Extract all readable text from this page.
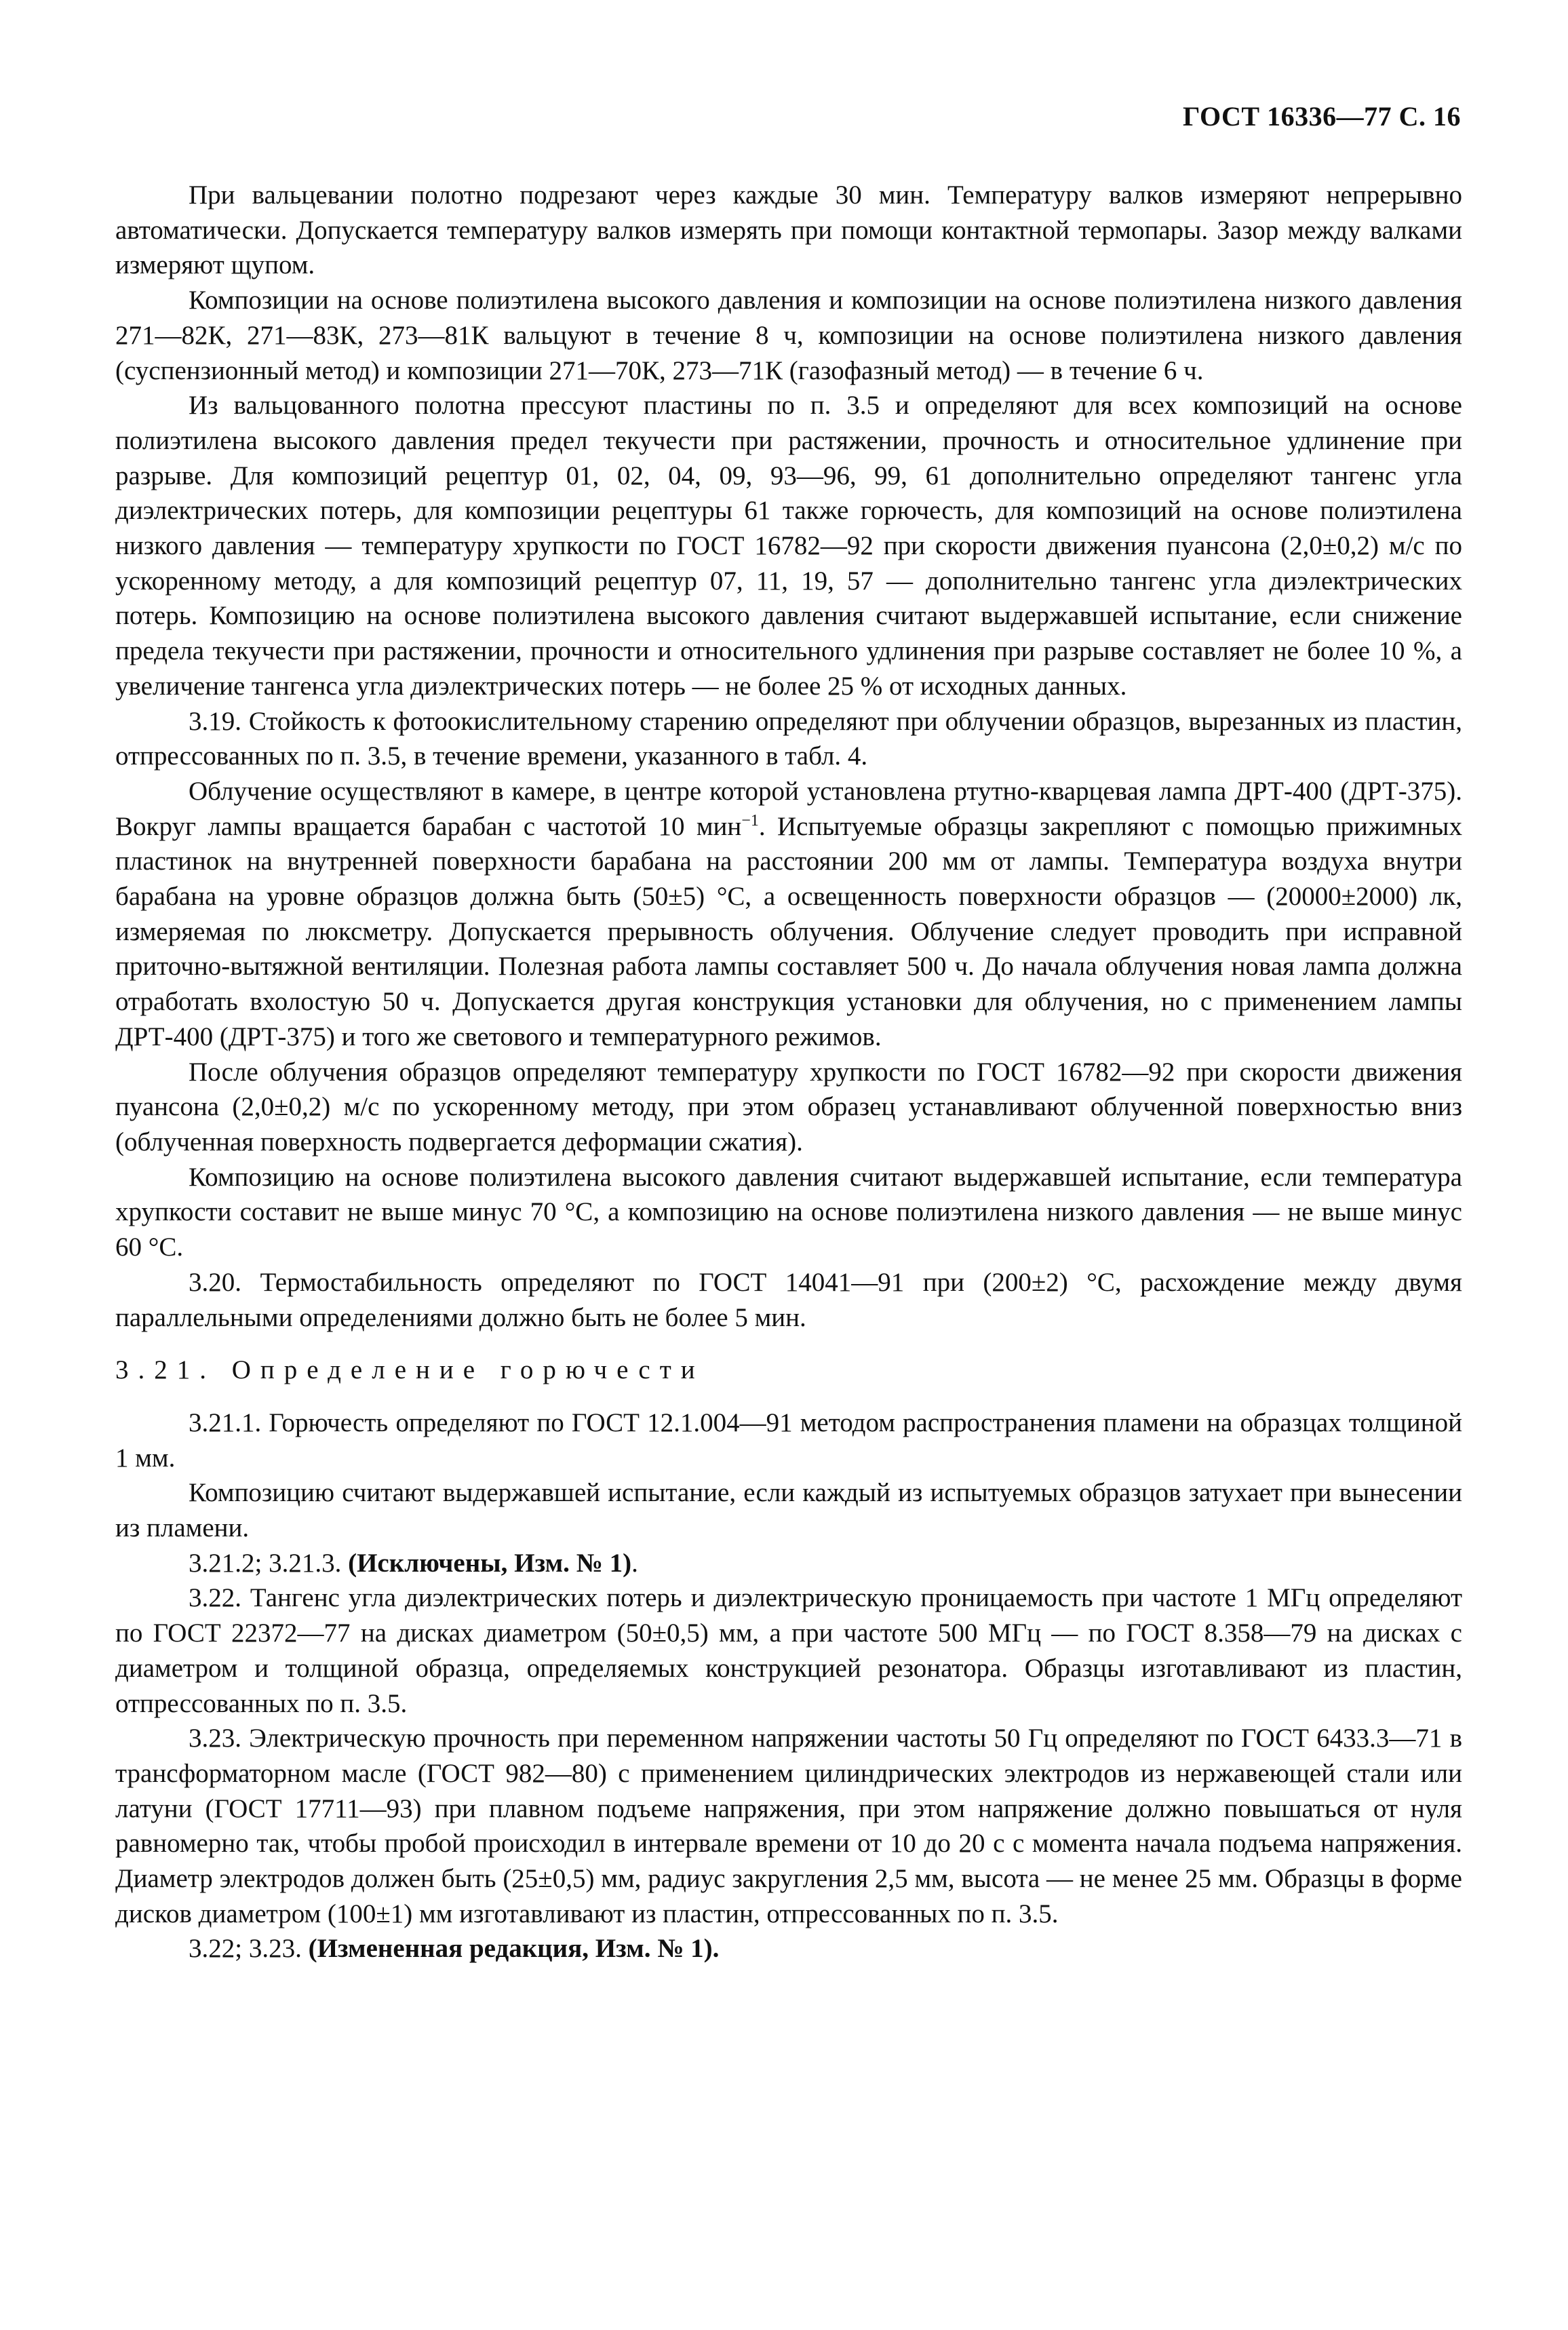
ГОСТ 16336—77 С. 16

При вальцевании полотно подрезают через каждые 30 мин. Температуру валков измеряют непрерывно автоматически. Допускается температуру валков измерять при помощи контактной термопары. Зазор между валками измеряют щупом.

Композиции на основе полиэтилена высокого давления и композиции на основе полиэтилена низкого давления 271—82К, 271—83К, 273—81К вальцуют в течение 8 ч, композиции на основе полиэтилена низкого давления (суспензионный метод) и композиции 271—70К, 273—71К (газофазный метод) — в течение 6 ч.

Из вальцованного полотна прессуют пластины по п. 3.5 и определяют для всех композиций на основе полиэтилена высокого давления предел текучести при растяжении, прочность и относительное удлинение при разрыве. Для композиций рецептур 01, 02, 04, 09, 93—96, 99, 61 дополнительно определяют тангенс угла диэлектрических потерь, для композиции рецептуры 61 также горючесть, для композиций на основе полиэтилена низкого давления — температуру хрупкости по ГОСТ 16782—92 при скорости движения пуансона (2,0±0,2) м/с по ускоренному методу, а для композиций рецептур 07, 11, 19, 57 — дополнительно тангенс угла диэлектрических потерь. Композицию на основе полиэтилена высокого давления считают выдержавшей испытание, если снижение предела текучести при растяжении, прочности и относительного удлинения при разрыве составляет не более 10 %, а увеличение тангенса угла диэлектрических потерь — не более 25 % от исходных данных.

3.19. Стойкость к фотоокислительному старению определяют при облучении образцов, вырезанных из пластин, отпрессованных по п. 3.5, в течение времени, указанного в табл. 4.

Облучение осуществляют в камере, в центре которой установлена ртутно-кварцевая лампа ДРТ-400 (ДРТ-375). Вокруг лампы вращается барабан с частотой 10 мин$^{-1}$. Испытуемые образцы закрепляют с помощью прижимных пластинок на внутренней поверхности барабана на расстоянии 200 мм от лампы. Температура воздуха внутри барабана на уровне образцов должна быть (50±5) °С, а освещенность поверхности образцов — (20000±2000) лк, измеряемая по люксметру. Допускается прерывность облучения. Облучение следует проводить при исправной приточно-вытяжной вентиляции. Полезная работа лампы составляет 500 ч. До начала облучения новая лампа должна отработать вхолостую 50 ч. Допускается другая конструкция установки для облучения, но с применением лампы ДРТ-400 (ДРТ-375) и того же светового и температурного режимов.

После облучения образцов определяют температуру хрупкости по ГОСТ 16782—92 при скорости движения пуансона (2,0±0,2) м/с по ускоренному методу, при этом образец устанавливают облученной поверхностью вниз (облученная поверхность подвергается деформации сжатия).

Композицию на основе полиэтилена высокого давления считают выдержавшей испытание, если температура хрупкости составит не выше минус 70 °С, а композицию на основе полиэтилена низкого давления — не выше минус 60 °С.

3.20. Термостабильность определяют по ГОСТ 14041—91 при (200±2) °С, расхождение между двумя параллельными определениями должно быть не более 5 мин.

3.21. Определение горючести

3.21.1. Горючесть определяют по ГОСТ 12.1.004—91 методом распространения пламени на образцах толщиной 1 мм.

Композицию считают выдержавшей испытание, если каждый из испытуемых образцов затухает при вынесении из пламени.

3.21.2; 3.21.3. (Исключены, Изм. № 1).

3.22. Тангенс угла диэлектрических потерь и диэлектрическую проницаемость при частоте 1 МГц определяют по ГОСТ 22372—77 на дисках диаметром (50±0,5) мм, а при частоте 500 МГц — по ГОСТ 8.358—79 на дисках с диаметром и толщиной образца, определяемых конструкцией резонатора. Образцы изготавливают из пластин, отпрессованных по п. 3.5.

3.23. Электрическую прочность при переменном напряжении частоты 50 Гц определяют по ГОСТ 6433.3—71 в трансформаторном масле (ГОСТ 982—80) с применением цилиндрических электродов из нержавеющей стали или латуни (ГОСТ 17711—93) при плавном подъеме напряжения, при этом напряжение должно повышаться от нуля равномерно так, чтобы пробой происходил в интервале времени от 10 до 20 с с момента начала подъема напряжения. Диаметр электродов должен быть (25±0,5) мм, радиус закругления 2,5 мм, высота — не менее 25 мм. Образцы в форме дисков диаметром (100±1) мм изготавливают из пластин, отпрессованных по п. 3.5.

3.22; 3.23. (Измененная редакция, Изм. № 1).
